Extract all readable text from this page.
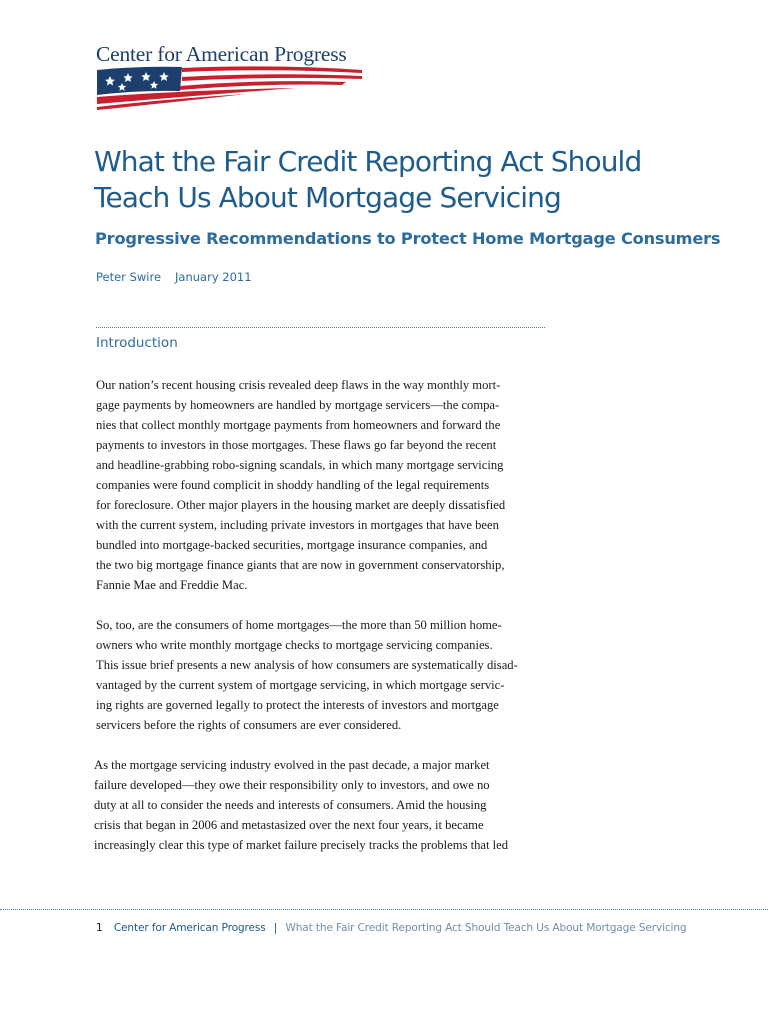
Center for American Progress
What the Fair Credit Reporting Act Should
Teach Us About Mortgage Servicing
Progressive Recommendations to Protect Home Mortgage Consumers
Peter Swire January 2011
Introduction

Our nation’s recent housing crisis revealed deep flaws in the way monthly mort-
gage payments by homeowners are handled by mortgage servicers—the compa-
nies that collect monthly mortgage payments from homeowners and forward the
payments to investors in those mortgages. These flaws go far beyond the recent
and headline-grabbing robo-signing scandals, in which many mortgage servicing
companies were found complicit in shoddy handling of the legal requirements
for foreclosure. Other major players in the housing market are deeply dissatisfied
with the current system, including private investors in mortgages that have been
bundled into mortgage-backed securities, mortgage insurance companies, and
the two big mortgage finance giants that are now in government conservatorship,
Fannie Mae and Freddie Mac.

So, too, are the consumers of home mortgages—the more than 50 million home-
owners who write monthly mortgage checks to mortgage servicing companies.
This issue brief presents a new analysis of how consumers are systematically disad-
vantaged by the current system of mortgage servicing, in which mortgage servic-
ing rights are governed legally to protect the interests of investors and mortgage
servicers before the rights of consumers are ever considered.

As the mortgage servicing industry evolved in the past decade, a major market
failure developed—they owe their responsibility only to investors, and owe no
duty at all to consider the needs and interests of consumers. Amid the housing
crisis that began in 2006 and metastasized over the next four years, it became
increasingly clear this type of market failure precisely tracks the problems that led

1 Center for American Progress | What the Fair Credit Reporting Act Should Teach Us About Mortgage Servicing
